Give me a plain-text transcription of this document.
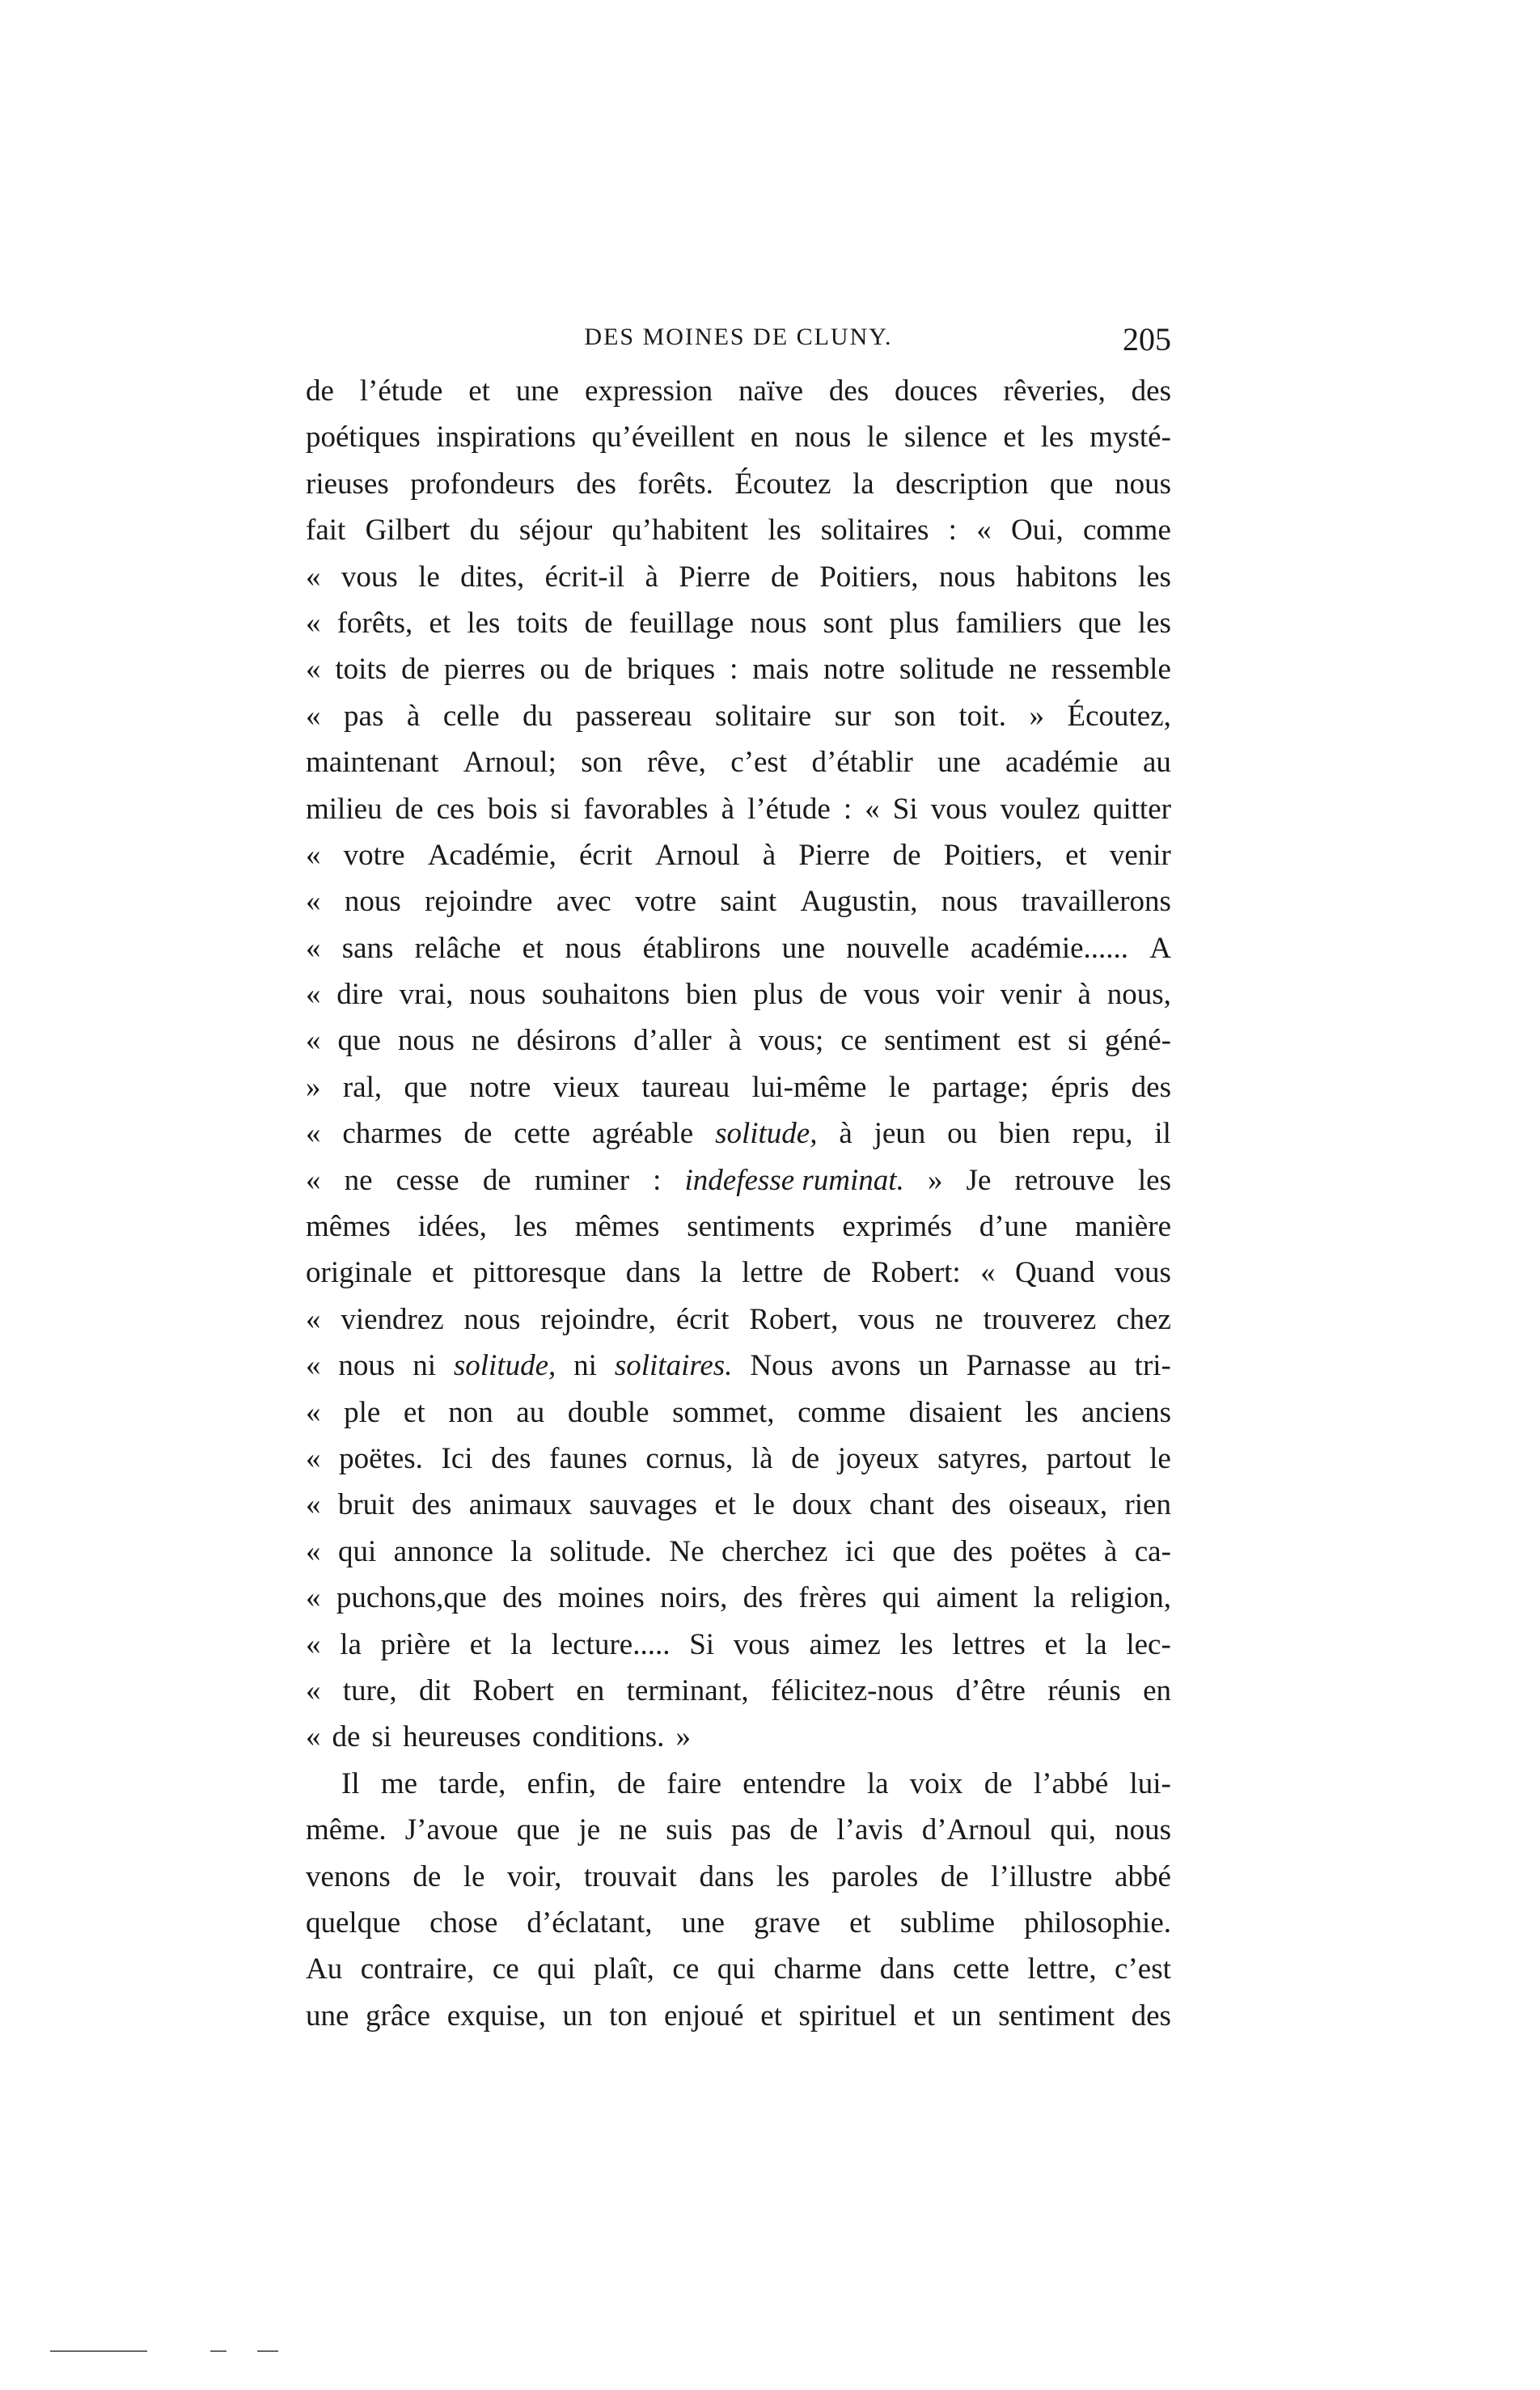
DES MOINES DE CLUNY.	205
de l’étude et une expression naïve des douces rêveries, des
poétiques inspirations qu’éveillent en nous le silence et les mysté-
rieuses profondeurs des forêts. Écoutez la description que nous
fait Gilbert du séjour qu’habitent les solitaires : « Oui, comme
« vous le dites, écrit-il à Pierre de Poitiers, nous habitons les
« forêts, et les toits de feuillage nous sont plus familiers que les
« toits de pierres ou de briques : mais notre solitude ne ressemble
« pas à celle du passereau solitaire sur son toit. » Écoutez,
maintenant Arnoul; son rêve, c’est d’établir une académie au
milieu de ces bois si favorables à l’étude : « Si vous voulez quitter
« votre Académie, écrit Arnoul à Pierre de Poitiers, et venir
« nous rejoindre avec votre saint Augustin, nous travaillerons
« sans relâche et nous établirons une nouvelle académie...... A
« dire vrai, nous souhaitons bien plus de vous voir venir à nous,
« que nous ne désirons d’aller à vous; ce sentiment est si géné-
» ral, que notre vieux taureau lui-même le partage; épris des
« charmes de cette agréable solitude, à jeun ou bien repu, il
« ne cesse de ruminer : indefesse ruminat. » Je retrouve les
mêmes idées, les mêmes sentiments exprimés d’une manière
originale et pittoresque dans la lettre de Robert: « Quand vous
« viendrez nous rejoindre, écrit Robert, vous ne trouverez chez
« nous ni solitude, ni solitaires. Nous avons un Parnasse au tri-
« ple et non au double sommet, comme disaient les anciens
« poëtes. Ici des faunes cornus, là de joyeux satyres, partout le
« bruit des animaux sauvages et le doux chant des oiseaux, rien
« qui annonce la solitude. Ne cherchez ici que des poëtes à ca-
« puchons,que des moines noirs, des frères qui aiment la religion,
« la prière et la lecture..... Si vous aimez les lettres et la lec-
« ture, dit Robert en terminant, félicitez-nous d’être réunis en
« de si heureuses conditions. »
Il me tarde, enfin, de faire entendre la voix de l’abbé lui-
même. J’avoue que je ne suis pas de l’avis d’Arnoul qui, nous
venons de le voir, trouvait dans les paroles de l’illustre abbé
quelque chose d’éclatant, une grave et sublime philosophie.
Au contraire, ce qui plaît, ce qui charme dans cette lettre, c’est
une grâce exquise, un ton enjoué et spirituel et un sentiment des
